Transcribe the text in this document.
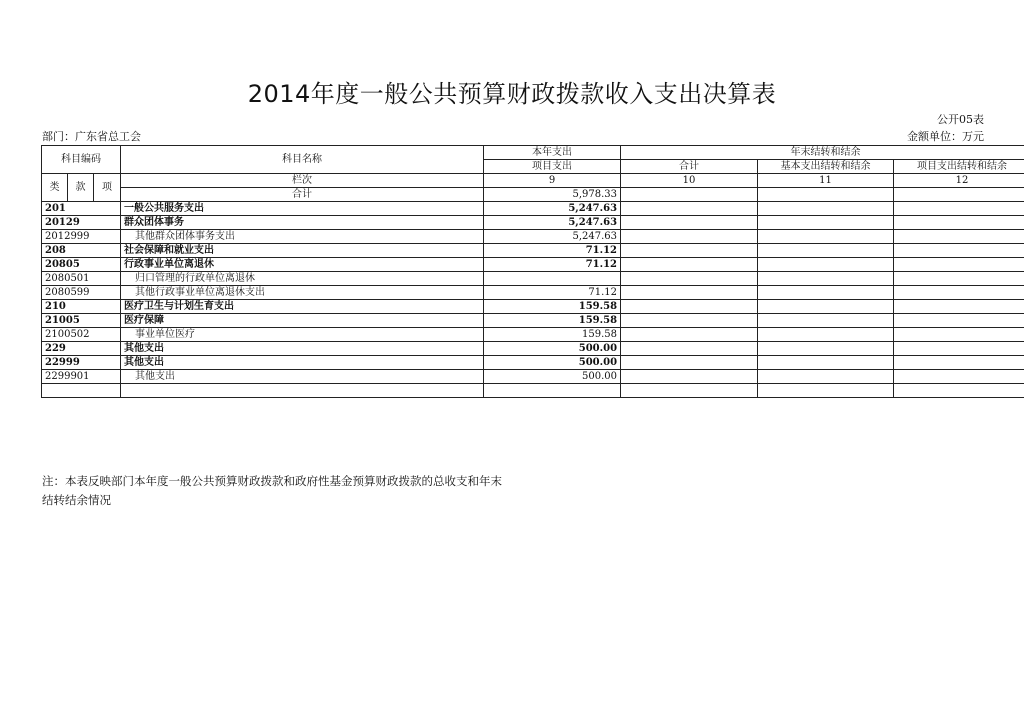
2014年度一般公共预算财政拨款收入支出决算表
公开05表
部门：广东省总工会	金额单位：万元
科目编码			科目名称	本年支出	年末结转和结余		
				项目支出	合计	基本支出结转和结余	项目支出结转和结余
类	款	项	栏次	9	10	11	12
			合计	5,978.33			
201			一般公共服务支出	5,247.63			
20129			群众团体事务	5,247.63			
2012999			其他群众团体事务支出	5,247.63			
208			社会保障和就业支出	71.12			
20805			行政事业单位离退休	71.12			
2080501			归口管理的行政单位离退休				
2080599			其他行政事业单位离退休支出	71.12			
210			医疗卫生与计划生育支出	159.58			
21005			医疗保障	159.58			
2100502			事业单位医疗	159.58			
229			其他支出	500.00			
22999			其他支出	500.00			
2299901			其他支出	500.00			

注：本表反映部门本年度一般公共预算财政拨款和政府性基金预算财政拨款的总收支和年末
结转结余情况
